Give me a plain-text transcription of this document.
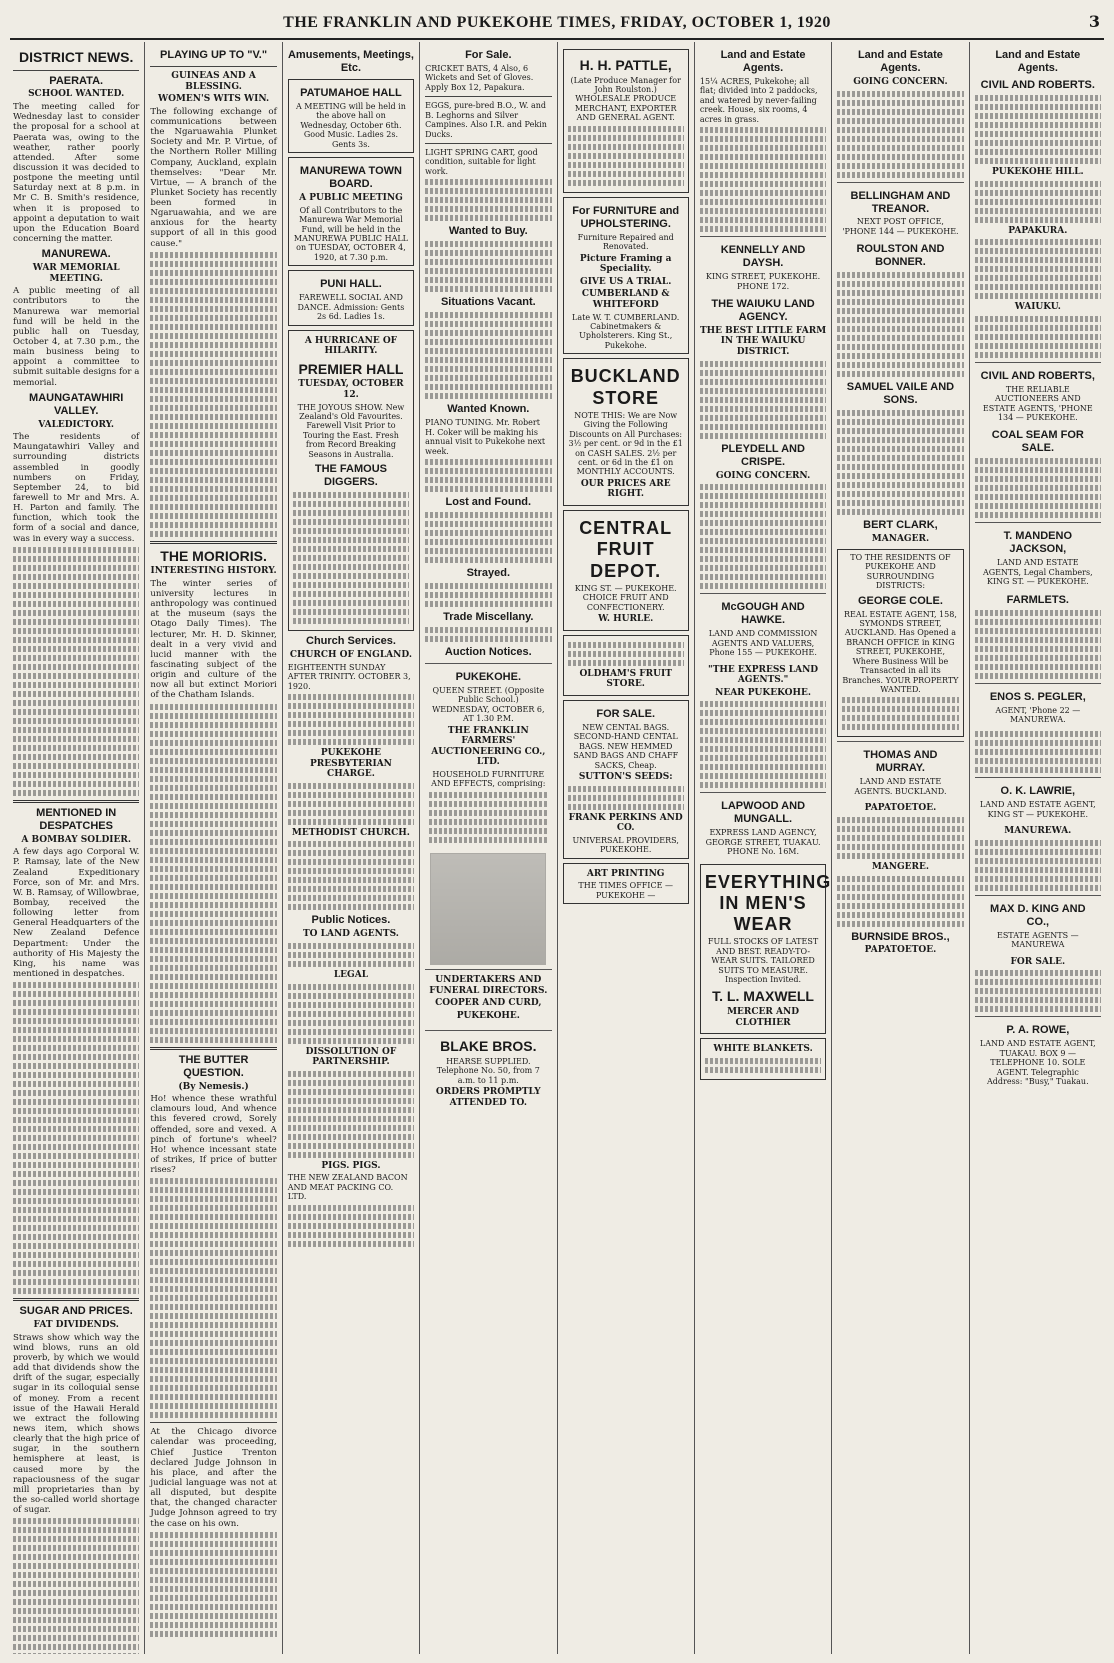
THE FRANKLIN AND PUKEKOHE TIMES, FRIDAY, OCTOBER 1, 1920	3
DISTRICT NEWS.
PAERATA.
SCHOOL WANTED.
The meeting called for Wednesday last to consider the proposal for a school at Paerata was, owing to the weather, rather poorly attended. After some discussion it was decided to postpone the meeting until Saturday next at 8 p.m. in Mr C. B. Smith's residence, when it is proposed to appoint a deputation to wait upon the Education Board concerning the matter.
MANUREWA.
WAR MEMORIAL MEETING.
A public meeting of all contributors to the Manurewa war memorial fund will be held in the public hall on Tuesday, October 4, at 7.30 p.m., the main business being to appoint a committee to submit suitable designs for a memorial.
MAUNGATAWHIRI VALLEY.
VALEDICTORY.
The residents of Maungatawhiri Valley and surrounding districts assembled in goodly numbers on Friday, September 24, to bid farewell to Mr and Mrs. A. H. Parton and family. The function, which took the form of a social and dance, was in every way a success.
MENTIONED IN DESPATCHES
A BOMBAY SOLDIER.
A few days ago Corporal W. P. Ramsay, late of the New Zealand Expeditionary Force, son of Mr. and Mrs. W. B. Ramsay, of Willowbrae, Bombay, received the following letter from General Headquarters of the New Zealand Defence Department: Under the authority of His Majesty the King, his name was mentioned in despatches.
SUGAR AND PRICES.
FAT DIVIDENDS.
Straws show which way the wind blows, runs an old proverb, by which we would add that dividends show the drift of the sugar, especially sugar in its colloquial sense of money. From a recent issue of the Hawaii Herald we extract the following news item, which shows clearly that the high price of sugar, in the southern hemisphere at least, is caused more by the rapaciousness of the sugar mill proprietaries than by the so-called world shortage of sugar.
PLAYING UP TO "V."
GUINEAS AND A BLESSING.
WOMEN'S WITS WIN.
The following exchange of communications between the Ngaruawahia Plunket Society and Mr. P. Virtue, of the Northern Roller Milling Company, Auckland, explain themselves: "Dear Mr. Virtue, — A branch of the Plunket Society has recently been formed in Ngaruawahia, and we are anxious for the hearty support of all in this good cause."
THE MORIORIS.
INTERESTING HISTORY.
The winter series of university lectures in anthropology was continued at the museum (says the Otago Daily Times). The lecturer, Mr. H. D. Skinner, dealt in a very vivid and lucid manner with the fascinating subject of the origin and culture of the now all but extinct Moriori of the Chatham Islands.
THE BUTTER QUESTION.
(By Nemesis.)
Ho! whence these wrathful clamours loud, And whence this fevered crowd, Sorely offended, sore and vexed. A pinch of fortune's wheel? Ho! whence incessant state of strikes, If price of butter rises?
At the Chicago divorce calendar was proceeding, Chief Justice Trenton declared Judge Johnson in his place, and after the judicial language was not at all disputed, but despite that, the changed character Judge Johnson agreed to try the case on his own.
Amusements, Meetings, Etc.
PATUMAHOE HALL
A MEETING will be held in the above hall on Wednesday, October 6th. Good Music. Ladies 2s. Gents 3s.
MANUREWA TOWN BOARD.
A PUBLIC MEETING
Of all Contributors to the Manurewa War Memorial Fund, will be held in the MANUREWA PUBLIC HALL on TUESDAY, OCTOBER 4, 1920, at 7.30 p.m.
PUNI HALL.
FAREWELL SOCIAL AND DANCE. Admission: Gents 2s 6d. Ladies 1s.
A HURRICANE OF HILARITY.
PREMIER HALL
TUESDAY, OCTOBER 12.
THE JOYOUS SHOW. New Zealand's Old Favourites. Farewell Visit Prior to Touring the East. Fresh from Record Breaking Seasons in Australia.
THE FAMOUS DIGGERS.
Church Services.
CHURCH OF ENGLAND.
EIGHTEENTH SUNDAY AFTER TRINITY. OCTOBER 3, 1920.
PUKEKOHE PRESBYTERIAN CHARGE.
METHODIST CHURCH.
Public Notices.
TO LAND AGENTS.
LEGAL
DISSOLUTION OF PARTNERSHIP.
PIGS. PIGS.
THE NEW ZEALAND BACON AND MEAT PACKING CO. LTD.
For Sale.
CRICKET BATS, 4 Also, 6 Wickets and Set of Gloves. Apply Box 12, Papakura.
EGGS, pure-bred B.O., W. and B. Leghorns and Silver Campines. Also I.R. and Pekin Ducks.
LIGHT SPRING CART, good condition, suitable for light work.
Wanted to Buy.
Situations Vacant.
Wanted Known.
PIANO TUNING. Mr. Robert H. Coker will be making his annual visit to Pukekohe next week.
Lost and Found.
Strayed.
Trade Miscellany.
Auction Notices.
PUKEKOHE.
QUEEN STREET. (Opposite Public School.) WEDNESDAY, OCTOBER 6, AT 1.30 P.M.
THE FRANKLIN FARMERS' AUCTIONEERING CO., LTD.
HOUSEHOLD FURNITURE AND EFFECTS, comprising:
UNDERTAKERS AND FUNERAL DIRECTORS.
COOPER AND CURD,
PUKEKOHE.
BLAKE BROS.
HEARSE SUPPLIED. Telephone No. 50, from 7 a.m. to 11 p.m.
ORDERS PROMPTLY ATTENDED TO.
H. H. PATTLE,
(Late Produce Manager for John Roulston.) WHOLESALE PRODUCE MERCHANT, EXPORTER AND GENERAL AGENT.
For FURNITURE and UPHOLSTERING.
Furniture Repaired and Renovated.
Picture Framing a Speciality.
GIVE US A TRIAL.
CUMBERLAND & WHITEFORD
Late W. T. CUMBERLAND. Cabinetmakers & Upholsterers. King St., Pukekohe.
BUCKLAND STORE
NOTE THIS: We are Now Giving the Following Discounts on All Purchases: 3½ per cent. or 9d in the £1 on CASH SALES. 2½ per cent. or 6d in the £1 on MONTHLY ACCOUNTS.
OUR PRICES ARE RIGHT.
CENTRAL FRUIT DEPOT.
KING ST. — PUKEKOHE. CHOICE FRUIT AND CONFECTIONERY.
W. HURLE.
OLDHAM'S FRUIT STORE.
FOR SALE.
NEW CENTAL BAGS. SECOND-HAND CENTAL BAGS. NEW HEMMED SAND BAGS AND CHAFF SACKS, Cheap.
SUTTON'S SEEDS:
FRANK PERKINS AND CO.
UNIVERSAL PROVIDERS, PUKEKOHE.
ART PRINTING
THE TIMES OFFICE — PUKEKOHE —
Land and Estate Agents.
15¼ ACRES, Pukekohe; all flat; divided into 2 paddocks, and watered by never-failing creek. House, six rooms, 4 acres in grass.
KENNELLY AND DAYSH.
KING STREET, PUKEKOHE. PHONE 172.
THE WAIUKU LAND AGENCY.
THE BEST LITTLE FARM IN THE WAIUKU DISTRICT.
PLEYDELL AND CRISPE.
GOING CONCERN.
McGOUGH AND HAWKE.
LAND AND COMMISSION AGENTS AND VALUERS, Phone 155 — PUKEKOHE.
"THE EXPRESS LAND AGENTS."
NEAR PUKEKOHE.
LAPWOOD AND MUNGALL.
EXPRESS LAND AGENCY, GEORGE STREET, TUAKAU. PHONE No. 16M.
EVERYTHING IN MEN'S WEAR
FULL STOCKS OF LATEST AND BEST. READY-TO-WEAR SUITS. TAILORED SUITS TO MEASURE. Inspection Invited.
T. L. MAXWELL
MERCER AND CLOTHIER
WHITE BLANKETS.
Land and Estate Agents.
GOING CONCERN.
BELLINGHAM AND TREANOR.
NEXT POST OFFICE, 'PHONE 144 — PUKEKOHE.
ROULSTON AND BONNER.
SAMUEL VAILE AND SONS.
BERT CLARK,
MANAGER.
TO THE RESIDENTS OF PUKEKOHE AND SURROUNDING DISTRICTS:
GEORGE COLE.
REAL ESTATE AGENT, 158, SYMONDS STREET, AUCKLAND. Has Opened a BRANCH OFFICE in KING STREET, PUKEKOHE, Where Business Will be Transacted in all its Branches. YOUR PROPERTY WANTED.
THOMAS AND MURRAY.
LAND AND ESTATE AGENTS. BUCKLAND.
PAPATOETOE.
MANGERE.
BURNSIDE BROS.,
PAPATOETOE.
Land and Estate Agents.
CIVIL AND ROBERTS.
PUKEKOHE HILL.
PAPAKURA.
WAIUKU.
CIVIL AND ROBERTS,
THE RELIABLE AUCTIONEERS AND ESTATE AGENTS, 'PHONE 134 — PUKEKOHE.
COAL SEAM FOR SALE.
T. MANDENO JACKSON,
LAND AND ESTATE AGENTS, Legal Chambers, KING ST. — PUKEKOHE.
FARMLETS.
ENOS S. PEGLER,
AGENT, 'Phone 22 — MANUREWA.
O. K. LAWRIE,
LAND AND ESTATE AGENT, KING ST — PUKEKOHE.
MANUREWA.
MAX D. KING AND CO.,
ESTATE AGENTS — MANUREWA
FOR SALE.
P. A. ROWE,
LAND AND ESTATE AGENT, TUAKAU. BOX 9 — TELEPHONE 10. SOLE AGENT. Telegraphic Address: "Busy," Tuakau.
